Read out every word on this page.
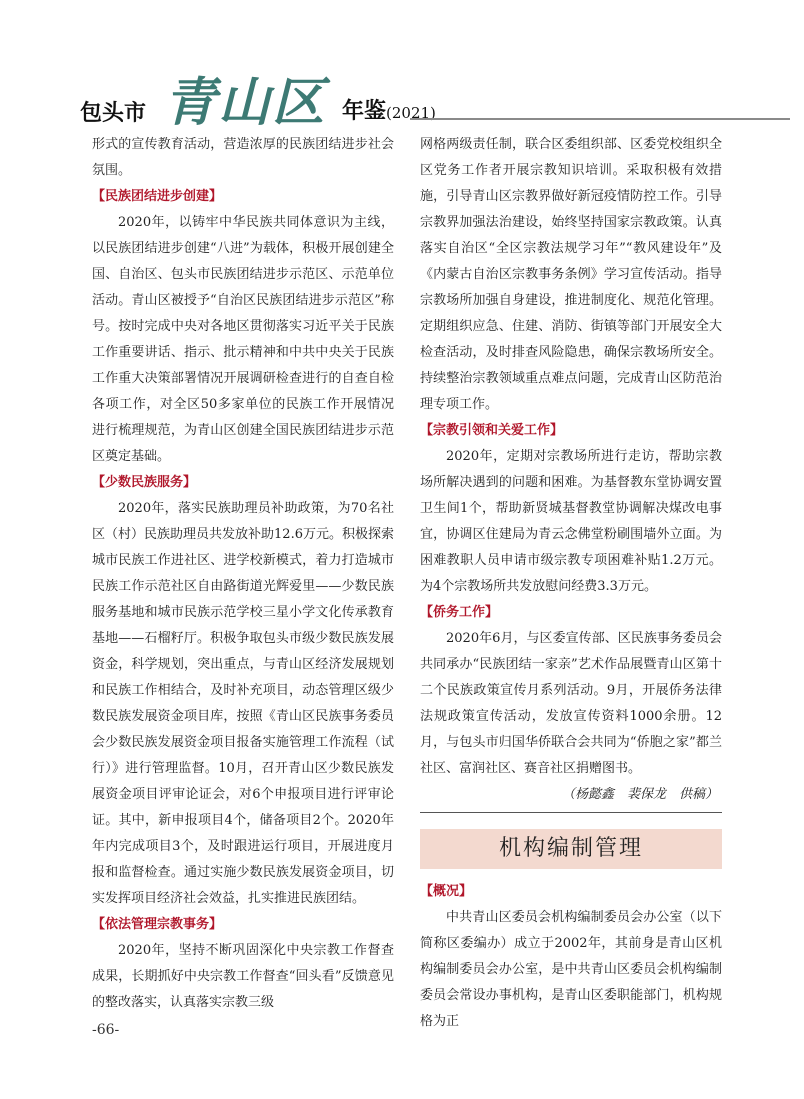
包头市 青山区 年鉴(2021)

形式的宣传教育活动，营造浓厚的民族团结进步社会氛围。

【民族团结进步创建】

2020年，以铸牢中华民族共同体意识为主线，以民族团结进步创建“八进”为载体，积极开展创建全国、自治区、包头市民族团结进步示范区、示范单位活动。青山区被授予“自治区民族团结进步示范区”称号。按时完成中央对各地区贯彻落实习近平关于民族工作重要讲话、指示、批示精神和中共中央关于民族工作重大决策部署情况开展调研检查进行的自查自检各项工作，对全区50多家单位的民族工作开展情况进行梳理规范，为青山区创建全国民族团结进步示范区奠定基础。

【少数民族服务】

2020年，落实民族助理员补助政策，为70名社区（村）民族助理员共发放补助12.6万元。积极探索城市民族工作进社区、进学校新模式，着力打造城市民族工作示范社区自由路街道光辉爱里——少数民族服务基地和城市民族示范学校三星小学文化传承教育基地——石榴籽厅。积极争取包头市级少数民族发展资金，科学规划，突出重点，与青山区经济发展规划和民族工作相结合，及时补充项目，动态管理区级少数民族发展资金项目库，按照《青山区民族事务委员会少数民族发展资金项目报备实施管理工作流程（试行）》进行管理监督。10月，召开青山区少数民族发展资金项目评审论证会，对6个申报项目进行评审论证。其中，新申报项目4个，储备项目2个。2020年年内完成项目3个，及时跟进运行项目，开展进度月报和监督检查。通过实施少数民族发展资金项目，切实发挥项目经济社会效益，扎实推进民族团结。

【依法管理宗教事务】

2020年，坚持不断巩固深化中央宗教工作督查成果，长期抓好中央宗教工作督查“回头看”反馈意见的整改落实，认真落实宗教三级

网格两级责任制，联合区委组织部、区委党校组织全区党务工作者开展宗教知识培训。采取积极有效措施，引导青山区宗教界做好新冠疫情防控工作。引导宗教界加强法治建设，始终坚持国家宗教政策。认真落实自治区“全区宗教法规学习年”“教风建设年”及《内蒙古自治区宗教事务条例》学习宣传活动。指导宗教场所加强自身建设，推进制度化、规范化管理。定期组织应急、住建、消防、街镇等部门开展安全大检查活动，及时排查风险隐患，确保宗教场所安全。持续整治宗教领域重点难点问题，完成青山区防范治理专项工作。

【宗教引领和关爱工作】

2020年，定期对宗教场所进行走访，帮助宗教场所解决遇到的问题和困难。为基督教东堂协调安置卫生间1个，帮助新贤城基督教堂协调解决煤改电事宜，协调区住建局为青云念佛堂粉刷围墙外立面。为困难教职人员申请市级宗教专项困难补贴1.2万元。为4个宗教场所共发放慰问经费3.3万元。

【侨务工作】

2020年6月，与区委宣传部、区民族事务委员会共同承办“民族团结一家亲”艺术作品展暨青山区第十二个民族政策宣传月系列活动。9月，开展侨务法律法规政策宣传活动，发放宣传资料1000余册。12月，与包头市归国华侨联合会共同为“侨胞之家”都兰社区、富润社区、赛音社区捐赠图书。

（杨懿鑫　裴保龙　供稿）

机构编制管理
【概况】

中共青山区委员会机构编制委员会办公室（以下简称区委编办）成立于2002年，其前身是青山区机构编制委员会办公室，是中共青山区委员会机构编制委员会常设办事机构，是青山区委职能部门，机构规格为正

-66-
